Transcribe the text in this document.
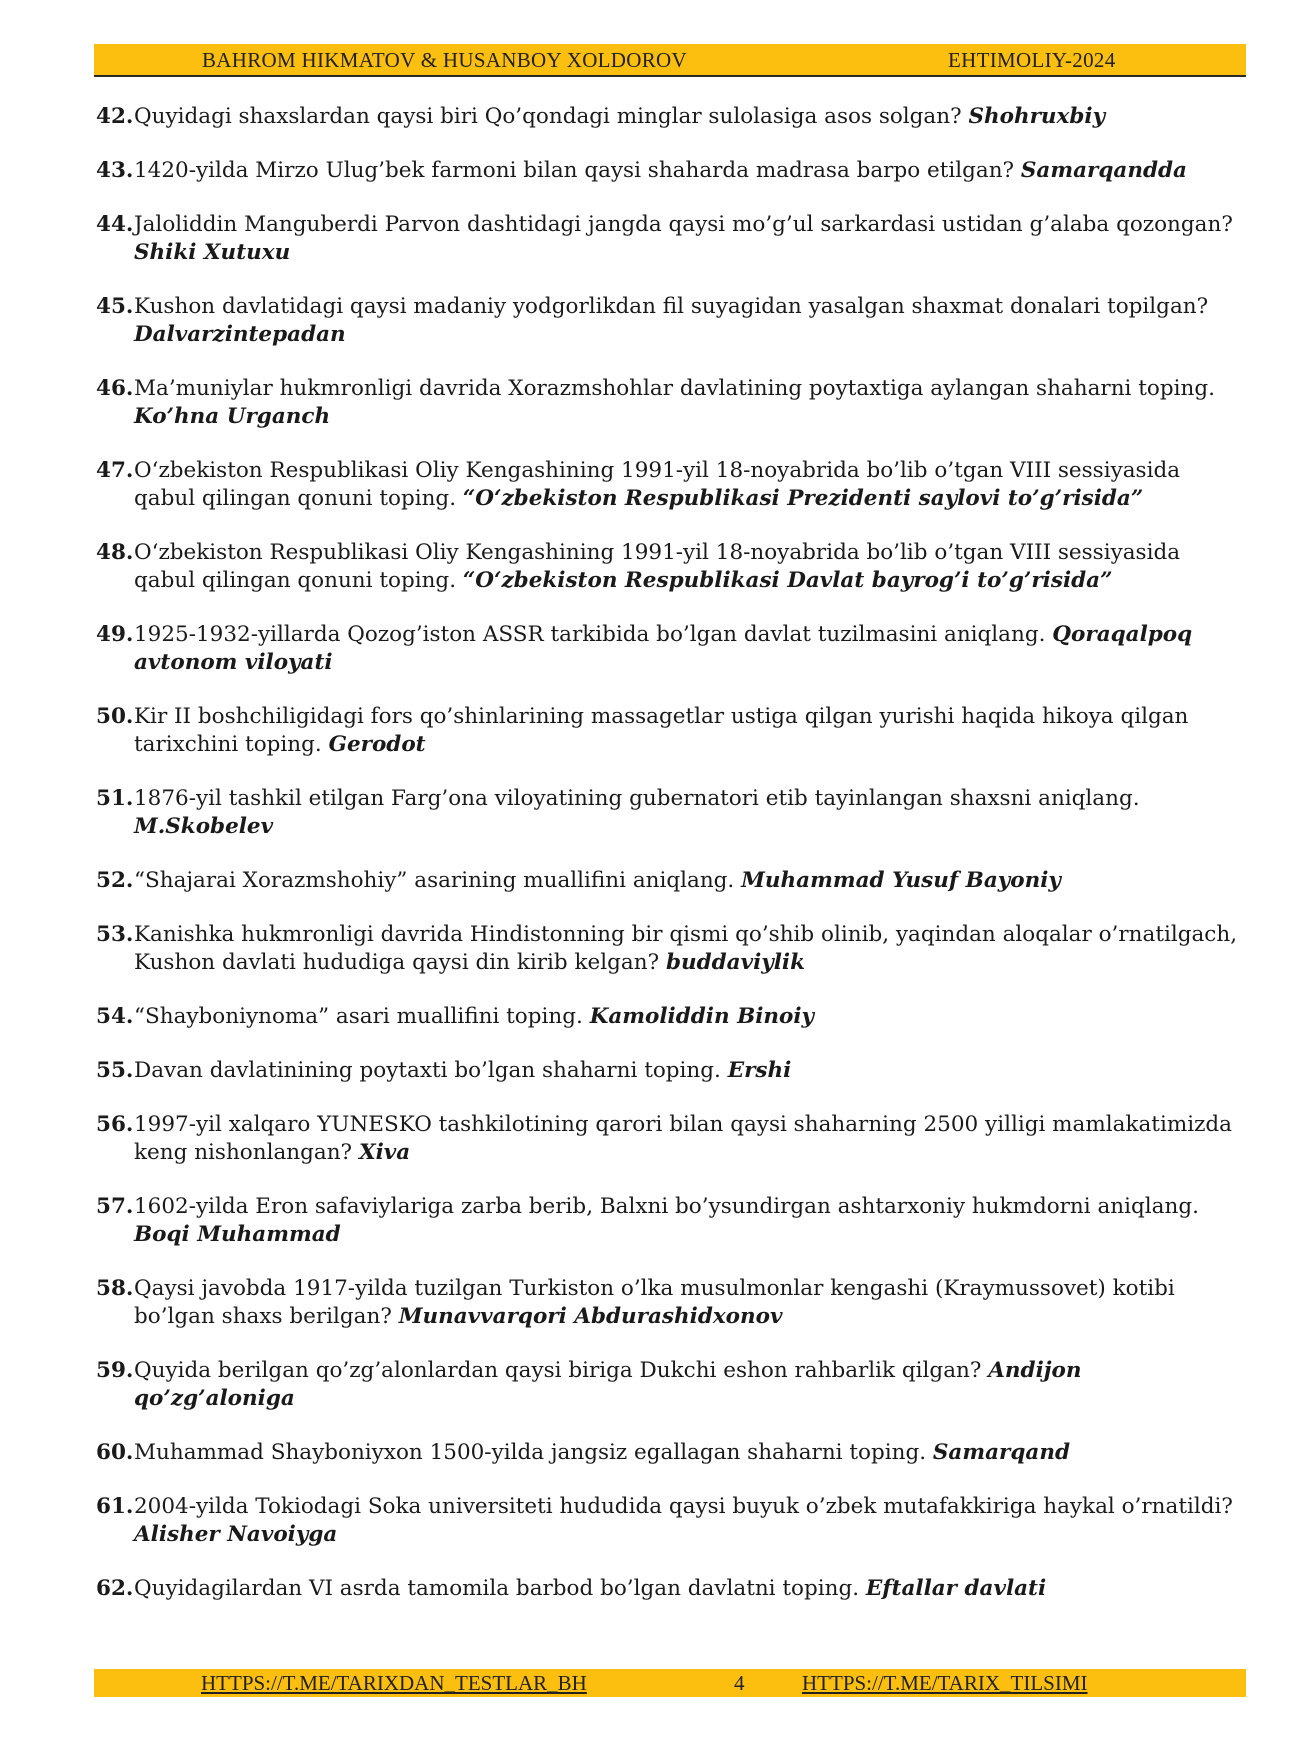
BAHROM HIKMATOV & HUSANBOY XOLDOROV	EHTIMOLIY-2024
42. Quyidagi shaxslardan qaysi biri Qo’qondagi minglar sulolasiga asos solgan? Shohruxbiy
43. 1420-yilda Mirzo Ulug’bek farmoni bilan qaysi shaharda madrasa barpo etilgan? Samarqandda
44. Jaloliddin Manguberdi Parvon dashtidagi jangda qaysi mo’g’ul sarkardasi ustidan g’alaba qozongan? Shiki Xutuxu
45. Kushon davlatidagi qaysi madaniy yodgorlikdan fil suyagidan yasalgan shaxmat donalari topilgan? Dalvarzintepadan
46. Ma’muniylar hukmronligi davrida Xorazmshohlar davlatining poytaxtiga aylangan shaharni toping. Ko’hna Urganch
47. O‘zbekiston Respublikasi Oliy Kengashining 1991-yil 18-noyabrida bo’lib o’tgan VIII sessiyasida qabul qilingan qonuni toping. “O‘zbekiston Respublikasi Prezidenti saylovi to’g’risida”
48. O‘zbekiston Respublikasi Oliy Kengashining 1991-yil 18-noyabrida bo’lib o’tgan VIII sessiyasida qabul qilingan qonuni toping. “O‘zbekiston Respublikasi Davlat bayrog’i to’g’risida”
49. 1925-1932-yillarda Qozog’iston ASSR tarkibida bo’lgan davlat tuzilmasini aniqlang. Qoraqalpoq avtonom viloyati
50. Kir II boshchiligidagi fors qo’shinlarining massagetlar ustiga qilgan yurishi haqida hikoya qilgan tarixchini toping. Gerodot
51. 1876-yil tashkil etilgan Farg’ona viloyatining gubernatori etib tayinlangan shaxsni aniqlang. M.Skobelev
52. “Shajarai Xorazmshohiy” asarining muallifini aniqlang. Muhammad Yusuf Bayoniy
53. Kanishka hukmronligi davrida Hindistonning bir qismi qo’shib olinib, yaqindan aloqalar o’rnatilgach, Kushon davlati hududiga qaysi din kirib kelgan? buddaviylik
54. “Shayboniynoma” asari muallifini toping. Kamoliddin Binoiy
55. Davan davlatinining poytaxti bo’lgan shaharni toping. Ershi
56. 1997-yil xalqaro YUNESKO tashkilotining qarori bilan qaysi shaharning 2500 yilligi mamlakatimizda keng nishonlangan? Xiva
57. 1602-yilda Eron safaviylariga zarba berib, Balxni bo’ysundirgan ashtarxoniy hukmdorni aniqlang. Boqi Muhammad
58. Qaysi javobda 1917-yilda tuzilgan Turkiston o’lka musulmonlar kengashi (Kraymussovet) kotibi bo’lgan shaxs berilgan? Munavvarqori Abdurashidxonov
59. Quyida berilgan qo’zg’alonlardan qaysi biriga Dukchi eshon rahbarlik qilgan? Andijon qo’zg’aloniga
60. Muhammad Shayboniyxon 1500-yilda jangsiz egallagan shaharni toping. Samarqand
61. 2004-yilda Tokiodagi Soka universiteti hududida qaysi buyuk o’zbek mutafakkiriga haykal o’rnatildi? Alisher Navoiyga
62. Quyidagilardan VI asrda tamomila barbod bo’lgan davlatni toping. Eftallar davlati
HTTPS://T.ME/TARIXDAN_TESTLAR_BH	4	HTTPS://T.ME/TARIX_TILSIMI
